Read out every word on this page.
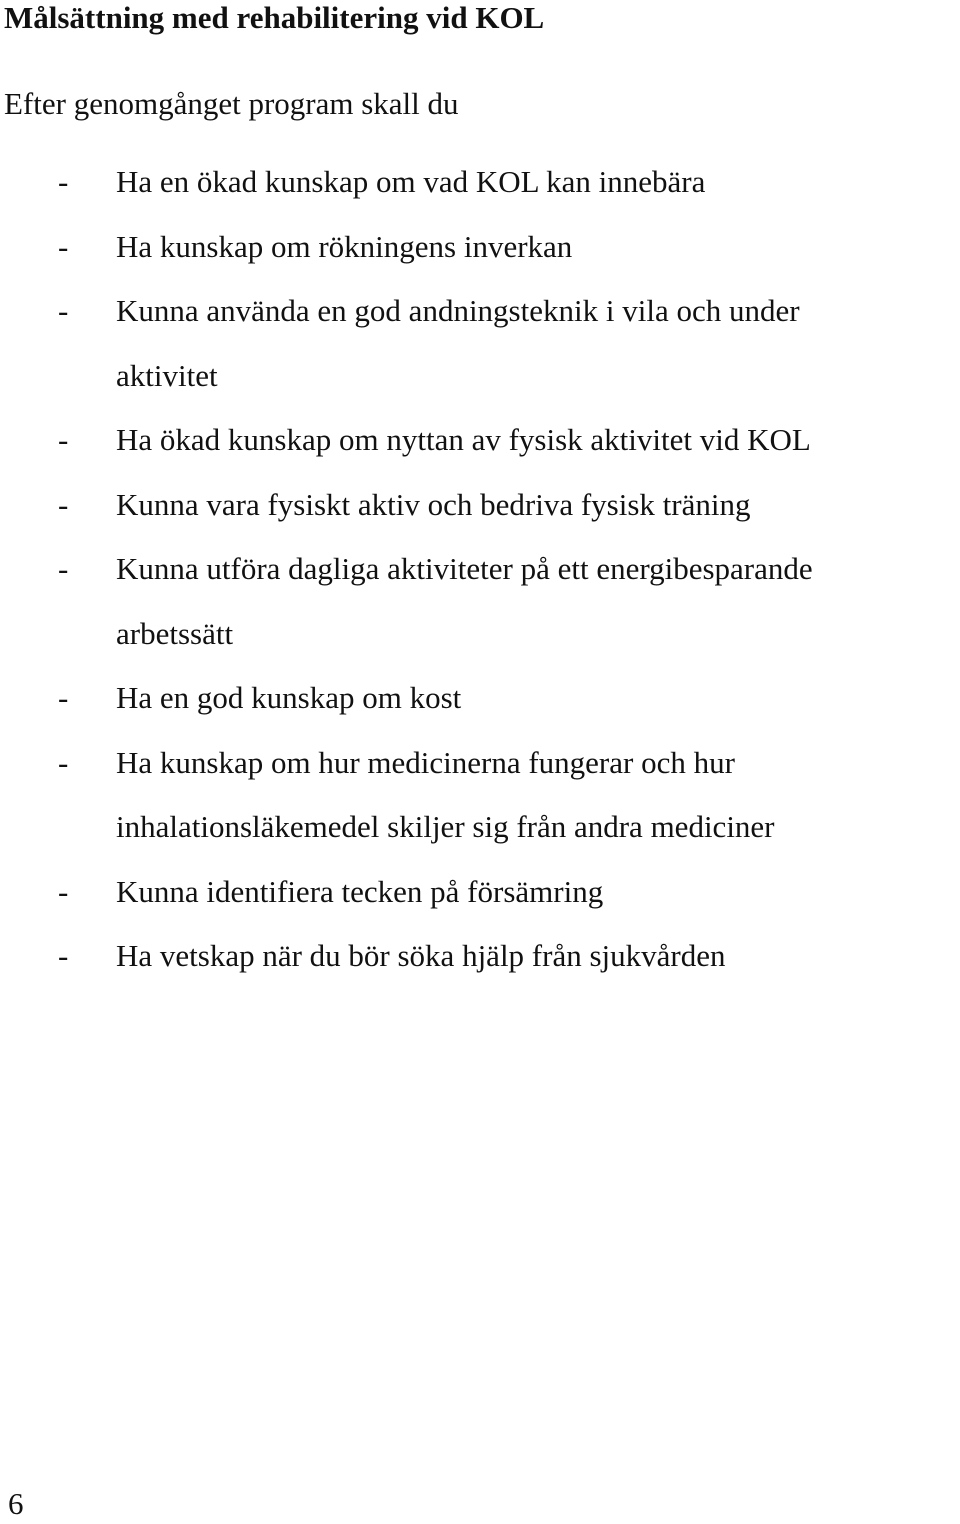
Målsättning med rehabilitering vid KOL

Efter genomgånget program skall du

- Ha en ökad kunskap om vad KOL kan innebära
- Ha kunskap om rökningens inverkan
- Kunna använda en god andningsteknik i vila och under
aktivitet
- Ha ökad kunskap om nyttan av fysisk aktivitet vid KOL
- Kunna vara fysiskt aktiv och bedriva fysisk träning
- Kunna utföra dagliga aktiviteter på ett energibesparande
arbetssätt
- Ha en god kunskap om kost
- Ha kunskap om hur medicinerna fungerar och hur
inhalationsläkemedel skiljer sig från andra mediciner
- Kunna identifiera tecken på försämring
- Ha vetskap när du bör söka hjälp från sjukvården

6
